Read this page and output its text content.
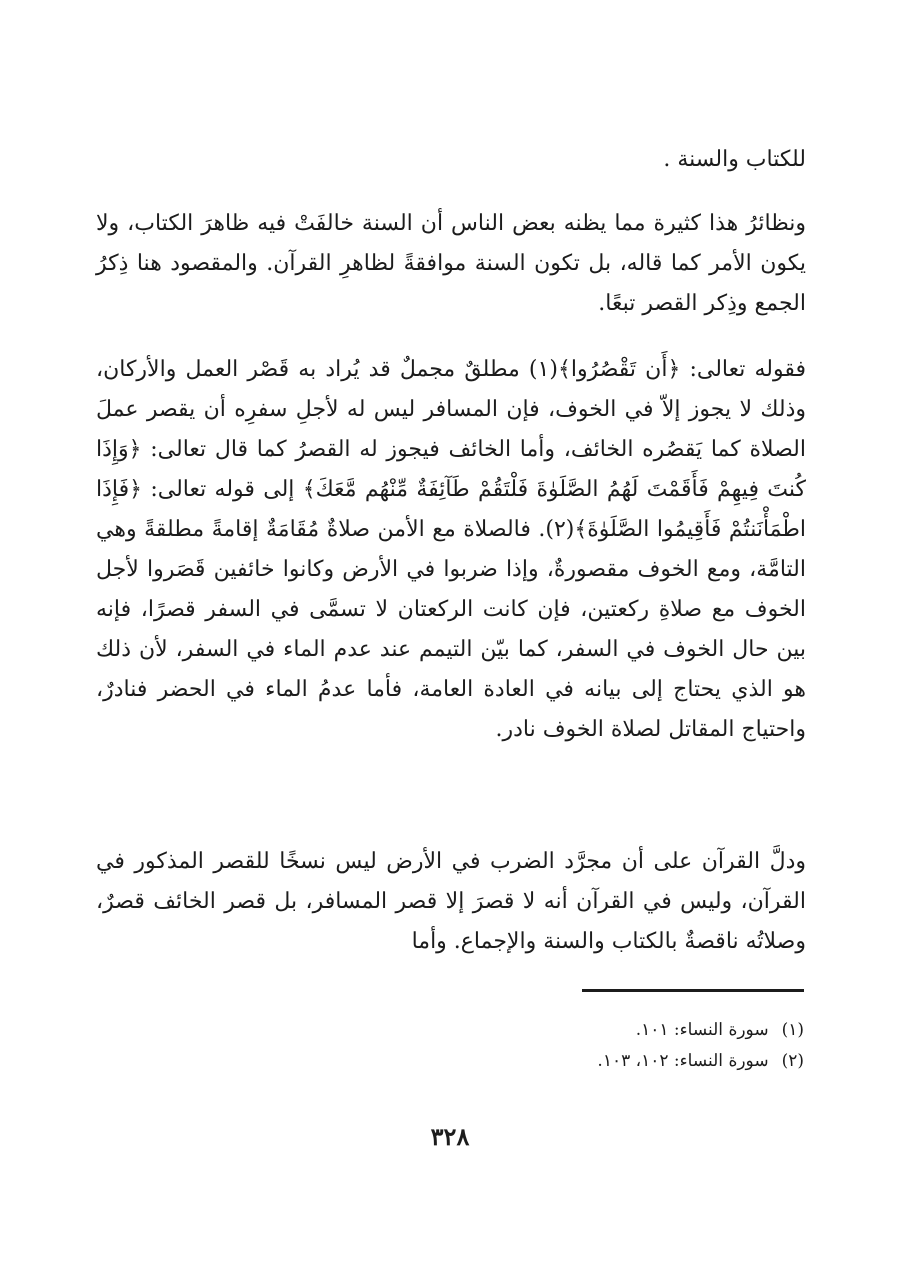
للكتاب والسنة .

ونظائرُ هذا كثيرة مما يظنه بعض الناس أن السنة خالفَتْ فيه ظاهرَ الكتاب، ولا يكون الأمر كما قاله، بل تكون السنة موافقةً لظاهرِ القرآن. والمقصود هنا ذِكرُ الجمع وذِكر القصر تبعًا.

فقوله تعالى: ﴿أَن تَقْصُرُوا﴾(١) مطلقٌ مجملٌ قد يُراد به قَصْر العمل والأركان، وذلك لا يجوز إلاّ في الخوف، فإن المسافر ليس له لأجلِ سفرِه أن يقصر عملَ الصلاة كما يَقصُره الخائف، وأما الخائف فيجوز له القصرُ كما قال تعالى: ﴿وَإِذَا كُنتَ فِيهِمْ فَأَقَمْتَ لَهُمُ الصَّلَوٰةَ فَلْتَقُمْ طَآئِفَةٌ مِّنْهُم مَّعَكَ﴾ إلى قوله تعالى: ﴿فَإِذَا اطْمَأْنَنتُمْ فَأَقِيمُوا الصَّلَوٰةَ﴾(٢). فالصلاة مع الأمن صلاةٌ مُقَامَةٌ إقامةً مطلقةً وهي التامَّة، ومع الخوف مقصورةٌ، وإذا ضربوا في الأرض وكانوا خائفين قَصَروا لأجل الخوف مع صلاةِ ركعتين، فإن كانت الركعتان لا تسمَّى في السفر قصرًا، فإنه بين حال الخوف في السفر، كما بيّن التيمم عند عدم الماء في السفر، لأن ذلك هو الذي يحتاج إلى بيانه في العادة العامة، فأما عدمُ الماء في الحضر فنادرٌ، واحتياج المقاتل لصلاة الخوف نادر.

ودلَّ القرآن على أن مجرَّد الضرب في الأرض ليس نسخًا للقصر المذكور في القرآن، وليس في القرآن أنه لا قصرَ إلا قصر المسافر، بل قصر الخائف قصرٌ، وصلاتُه ناقصةٌ بالكتاب والسنة والإجماع. وأما

(١) سورة النساء: ١٠١.
(٢) سورة النساء: ١٠٢، ١٠٣.
٣٢٨
